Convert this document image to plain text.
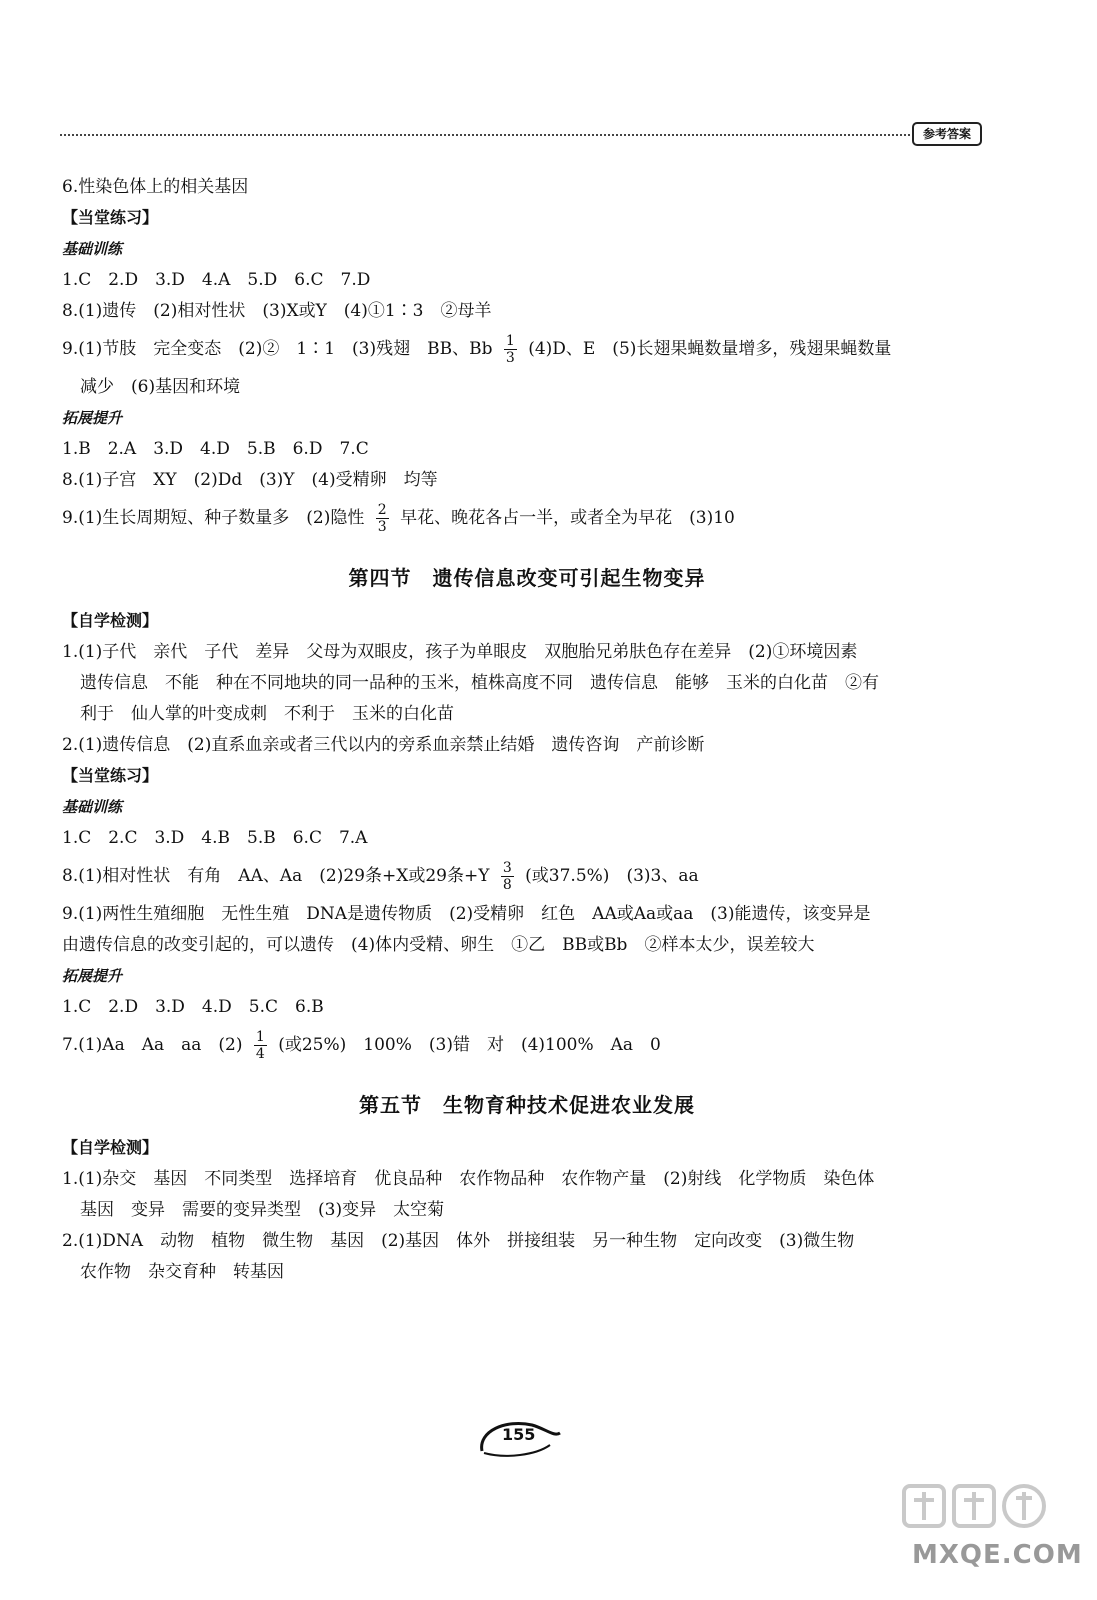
参考答案
6.性染色体上的相关基因
【当堂练习】
基础训练
1.C　2.D　3.D　4.A　5.D　6.C　7.D
8.(1)遗传　(2)相对性状　(3)X或Y　(4)①1∶3　②母羊
9.(1)节肢　完全变态　(2)②　1∶1　(3)残翅　BB、Bb $\frac{1}{3} (4)D$、E　(5)长翅果蝇数量增多，残翅果蝇数量
减少　(6)基因和环境
拓展提升
1.B　2.A　3.D　4.D　5.B　6.D　7.C
8.(1)子宫　XY　(2)Dd　(3)Y　(4)受精卵　均等
9.(1)生长周期短、种子数量多　(2)隐性 $\frac{2}{3}$ 早花、晚花各占一半，或者全为早花　(3)10
第四节　遗传信息改变可引起生物变异
【自学检测】
1.(1)子代　亲代　子代　差异　父母为双眼皮，孩子为单眼皮　双胞胎兄弟肤色存在差异　(2)①环境因素
遗传信息　不能　种在不同地块的同一品种的玉米，植株高度不同　遗传信息　能够　玉米的白化苗　②有
利于　仙人掌的叶变成刺　不利于　玉米的白化苗
2.(1)遗传信息　(2)直系血亲或者三代以内的旁系血亲禁止结婚　遗传咨询　产前诊断
【当堂练习】
基础训练
1.C　2.C　3.D　4.B　5.B　6.C　7.A
8.(1)相对性状　有角　AA、Aa　(2)29条+X或29条$+Y \frac{3}{8}$ (或37.5%)　(3)3、aa
9.(1)两性生殖细胞　无性生殖　DNA是遗传物质　(2)受精卵　红色　AA或Aa或aa　(3)能遗传，该变异是
由遗传信息的改变引起的，可以遗传　(4)体内受精、卵生　①乙　BB或Bb　②样本太少，误差较大
拓展提升
1.C　2.D　3.D　4.D　5.C　6.B
7.(1)Aa　Aa　aa　$(2) \frac{1}{4}$ (或25%)　100%　(3)错　对　(4)100%　Aa　0
第五节　生物育种技术促进农业发展
【自学检测】
1.(1)杂交　基因　不同类型　选择培育　优良品种　农作物品种　农作物产量　(2)射线　化学物质　染色体
基因　变异　需要的变异类型　(3)变异　太空菊
2.(1)DNA　动物　植物　微生物　基因　(2)基因　体外　拼接组装　另一种生物　定向改变　(3)微生物
农作物　杂交育种　转基因
155
MXQE.COM
